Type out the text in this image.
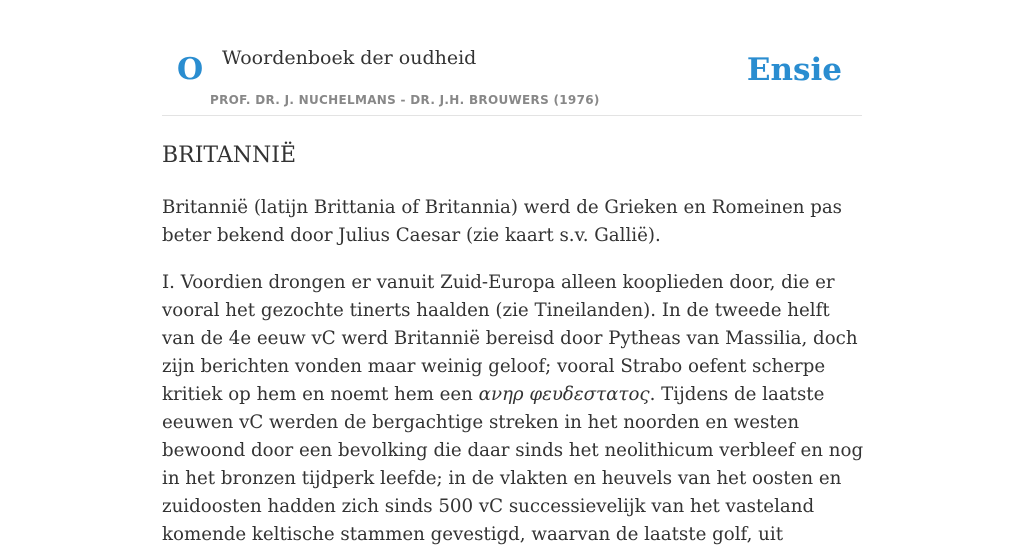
O Woordenboek der oudheid
PROF. DR. J. NUCHELMANS - DR. J.H. BROUWERS (1976)
Ensie
BRITANNIË

Britannië (latijn Brittania of Britannia) werd de Grieken en Romeinen pas beter bekend door Julius Caesar (zie kaart s.v. Gallië).

I. Voordien drongen er vanuit Zuid-Europa alleen kooplieden door, die er vooral het gezochte tinerts haalden (zie Tineilanden). In de tweede helft van de 4e eeuw vC werd Britannië bereisd door Pytheas van Massilia, doch zijn berichten vonden maar weinig geloof; vooral Strabo oefent scherpe kritiek op hem en noemt hem een ανηρ φευδεστατος. Tijdens de laatste eeuwen vC werden de bergachtige streken in het noorden en westen bewoond door een bevolking die daar sinds het neolithicum verbleef en nog in het bronzen tijdperk leefde; in de vlakten en heuvels van het oosten en zuidoosten hadden zich sinds 500 vC successievelijk van het vasteland komende keltische stammen gevestigd, waarvan de laatste golf, uit
